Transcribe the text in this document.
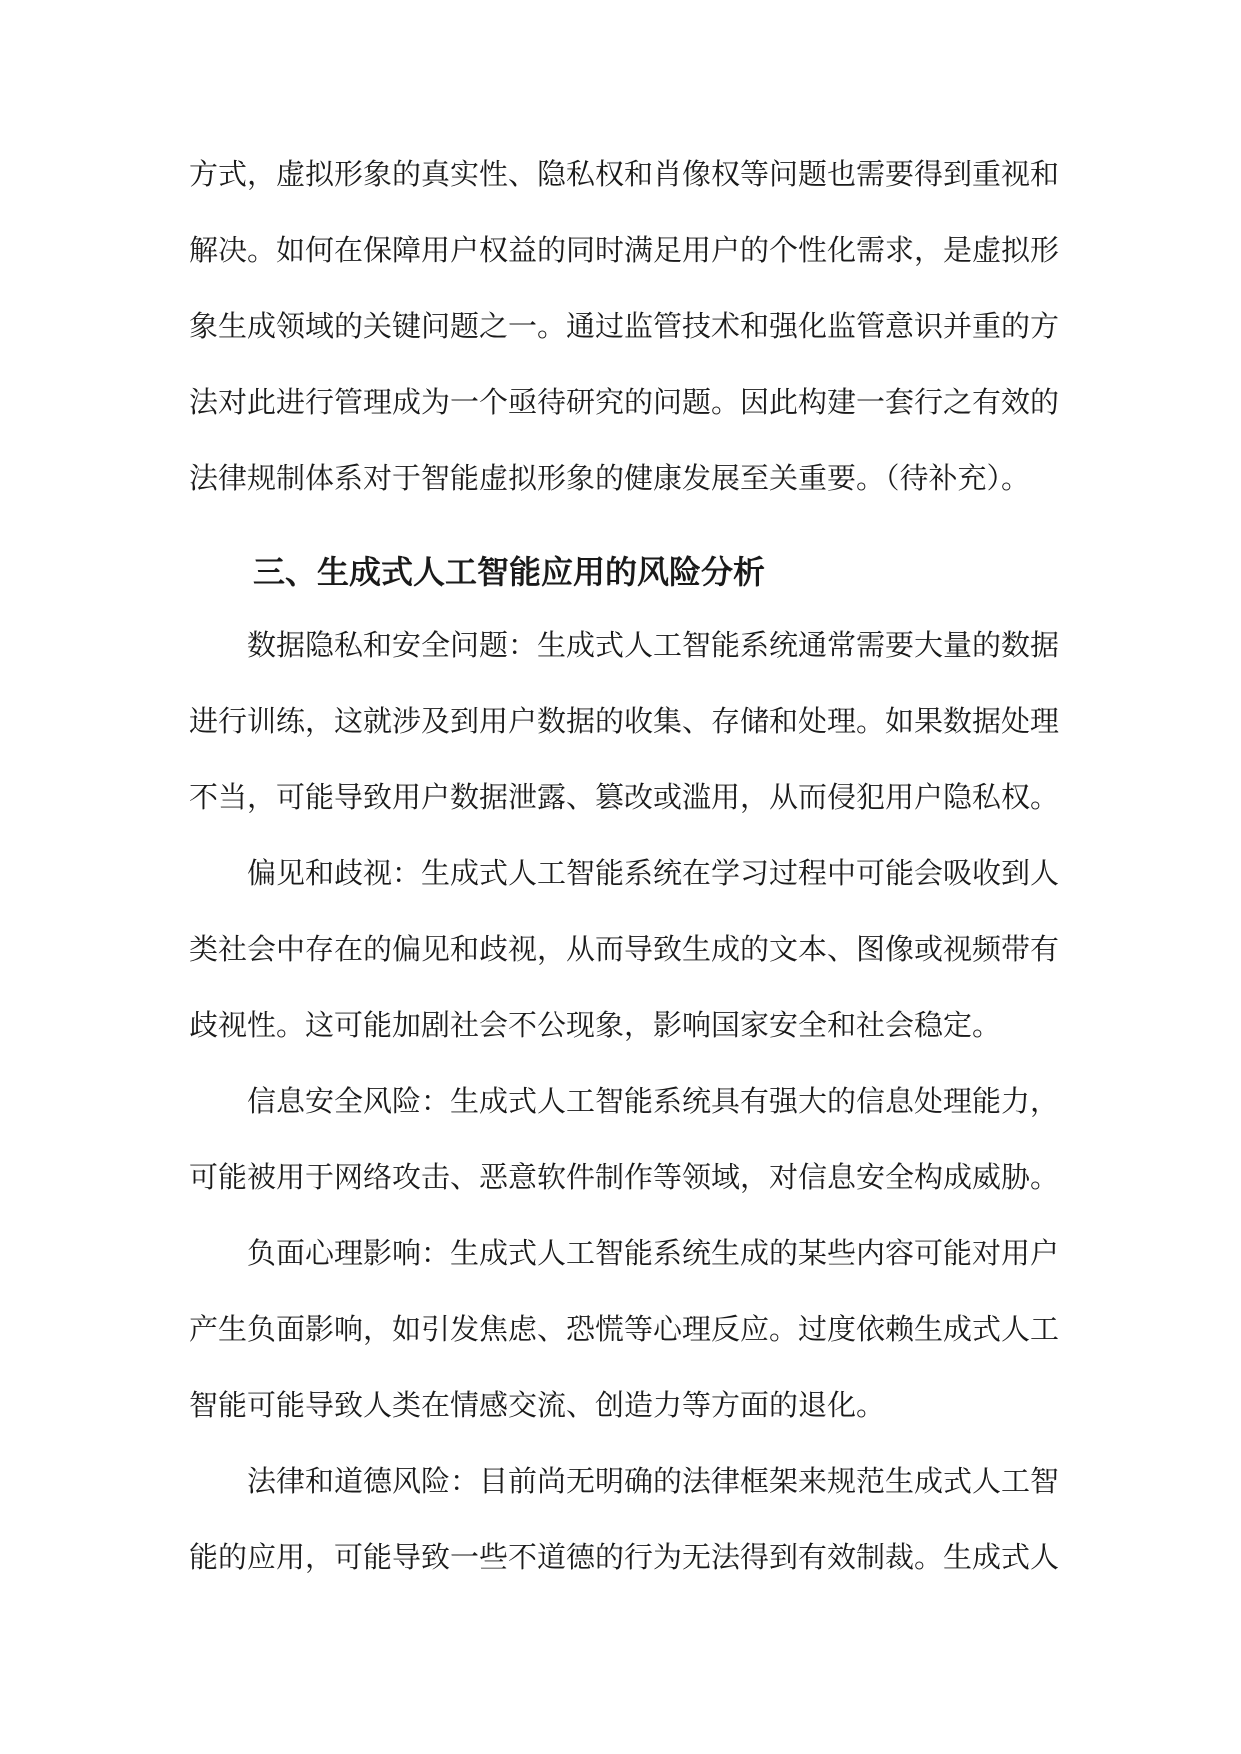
方式，虚拟形象的真实性、隐私权和肖像权等问题也需要得到重视和
解决。如何在保障用户权益的同时满足用户的个性化需求，是虚拟形
象生成领域的关键问题之一。通过监管技术和强化监管意识并重的方
法对此进行管理成为一个亟待研究的问题。因此构建一套行之有效的
法律规制体系对于智能虚拟形象的健康发展至关重要。（待补充）。
三、生成式人工智能应用的风险分析
数据隐私和安全问题：生成式人工智能系统通常需要大量的数据
进行训练，这就涉及到用户数据的收集、存储和处理。如果数据处理
不当，可能导致用户数据泄露、篡改或滥用，从而侵犯用户隐私权。
偏见和歧视：生成式人工智能系统在学习过程中可能会吸收到人
类社会中存在的偏见和歧视，从而导致生成的文本、图像或视频带有
歧视性。这可能加剧社会不公现象，影响国家安全和社会稳定。
信息安全风险：生成式人工智能系统具有强大的信息处理能力，
可能被用于网络攻击、恶意软件制作等领域，对信息安全构成威胁。
负面心理影响：生成式人工智能系统生成的某些内容可能对用户
产生负面影响，如引发焦虑、恐慌等心理反应。过度依赖生成式人工
智能可能导致人类在情感交流、创造力等方面的退化。
法律和道德风险：目前尚无明确的法律框架来规范生成式人工智
能的应用，可能导致一些不道德的行为无法得到有效制裁。生成式人
